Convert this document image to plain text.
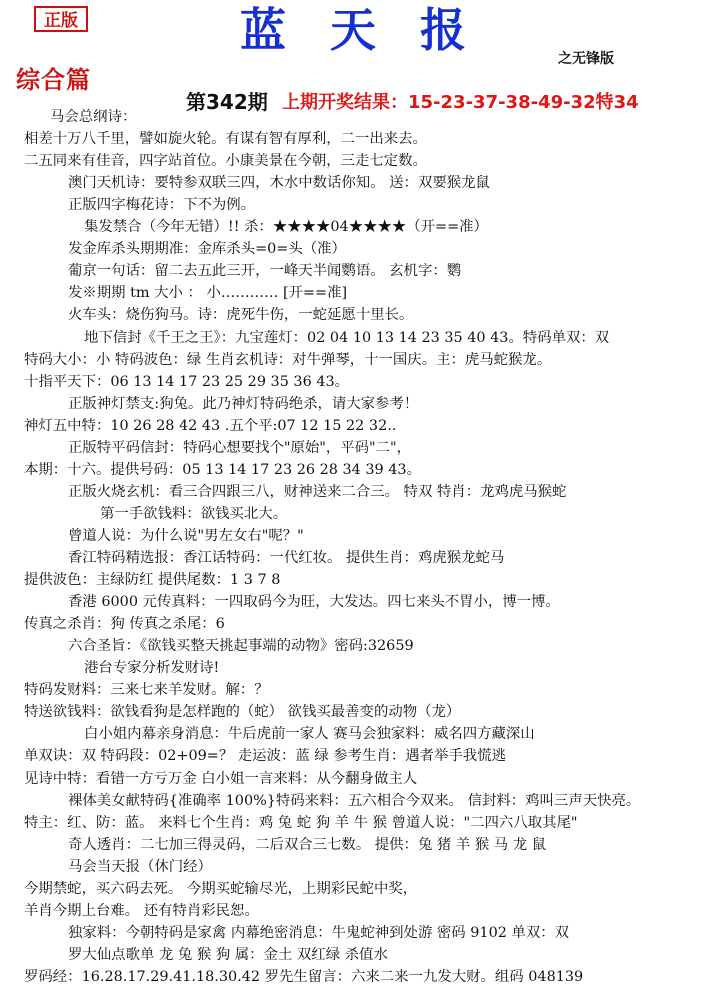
正版	蓝 天 报
之无锋版
综合篇
第342期 上期开奖结果：15-23-37-38-49-32特34
马会总纲诗：
相差十万八千里，譬如旋火轮。有谋有智有厚利，二一出来去。
二五同来有佳音，四字站首位。小康美景在今朝，三走七定数。
澳门天机诗：要特参双联三四，木水中数话你知。 送：双要猴龙鼠
正版四字梅花诗：下不为例。
集发禁合（今年无错）!! 杀：★★★★04★★★★（开==准）
发金库杀头期期准：金库杀头=0=头（准）
葡京一句话：留二去五此三开，一峰天半闻鹦语。 玄机字：鹦
发※期期 tm 大小 ： 小………… [开==准]
火车头：烧伤狗马。诗：虎死牛伤，一蛇延愿十里长。
地下信封《千王之王》：九宝莲灯：02 04 10 13 14 23 35 40 43。特码单双：双
特码大小：小 特码波色：绿 生肖玄机诗：对牛弹琴，十一国庆。主：虎马蛇猴龙。
十指平天下：06 13 14 17 23 25 29 35 36 43。
正版神灯禁支:狗兔。此乃神灯特码绝杀，请大家参考！
神灯五中特：10 26 28 42 43 .五个平:07 12 15 22 32..
正版特平码信封：特码心想要找个"原始"，平码"二"，
本期：十六。提供号码：05 13 14 17 23 26 28 34 39 43。
正版火烧玄机：看三合四跟三八，财神送来二合三。 特双 特肖：龙鸡虎马猴蛇
第一手欲钱料：欲钱买北大。
曾道人说：为什么说"男左女右"呢？"
香江特码精选报：香江话特码：一代红妆。 提供生肖：鸡虎猴龙蛇马
提供波色：主绿防红 提供尾数：1 3 7 8
香港 6000 元传真料：一四取码今为旺，大发达。四七来头不胃小，博一博。
传真之杀肖：狗 传真之杀尾：6
六合圣旨：《欲钱买整天挑起事端的动物》密码:32659
港台专家分析发财诗!
特码发财料：三来七来羊发财。解：？
特送欲钱料：欲钱看狗是怎样跑的（蛇） 欲钱买最善变的动物（龙）
白小姐内幕亲身消息：牛后虎前一家人 赛马会独家料：威名四方藏深山
单双诀：双 特码段：02+09=？ 走运波：蓝 绿 参考生肖：遇者举手我慌逃
见诗中特：看错一方亏万金 白小姐一言来料：从今翻身做主人
裸体美女献特码{准确率 100%}特码来料：五六相合今双来。 信封料：鸡叫三声天快亮。
特主：红、防：蓝。 来料七个生肖：鸡 兔 蛇 狗 羊 牛 猴 曾道人说："二四六八取其尾"
奇人透肖：二七加三得灵码，二后双合三七数。 提供：兔 猪 羊 猴 马 龙 鼠
马会当天报（休门经）
今期禁蛇，买六码去死。 今期买蛇输尽光，上期彩民蛇中奖，
羊肖今期上台难。 还有特肖彩民恕。
独家料：今朝特码是家禽 内幕绝密消息：牛鬼蛇神到处游 密码 9102 单双：双
罗大仙点歌单 龙 兔 猴 狗 属：金土 双红绿 杀值水
罗码经：16.28.17.29.41.18.30.42 罗先生留言：六来二来一九发大财。组码 048139
